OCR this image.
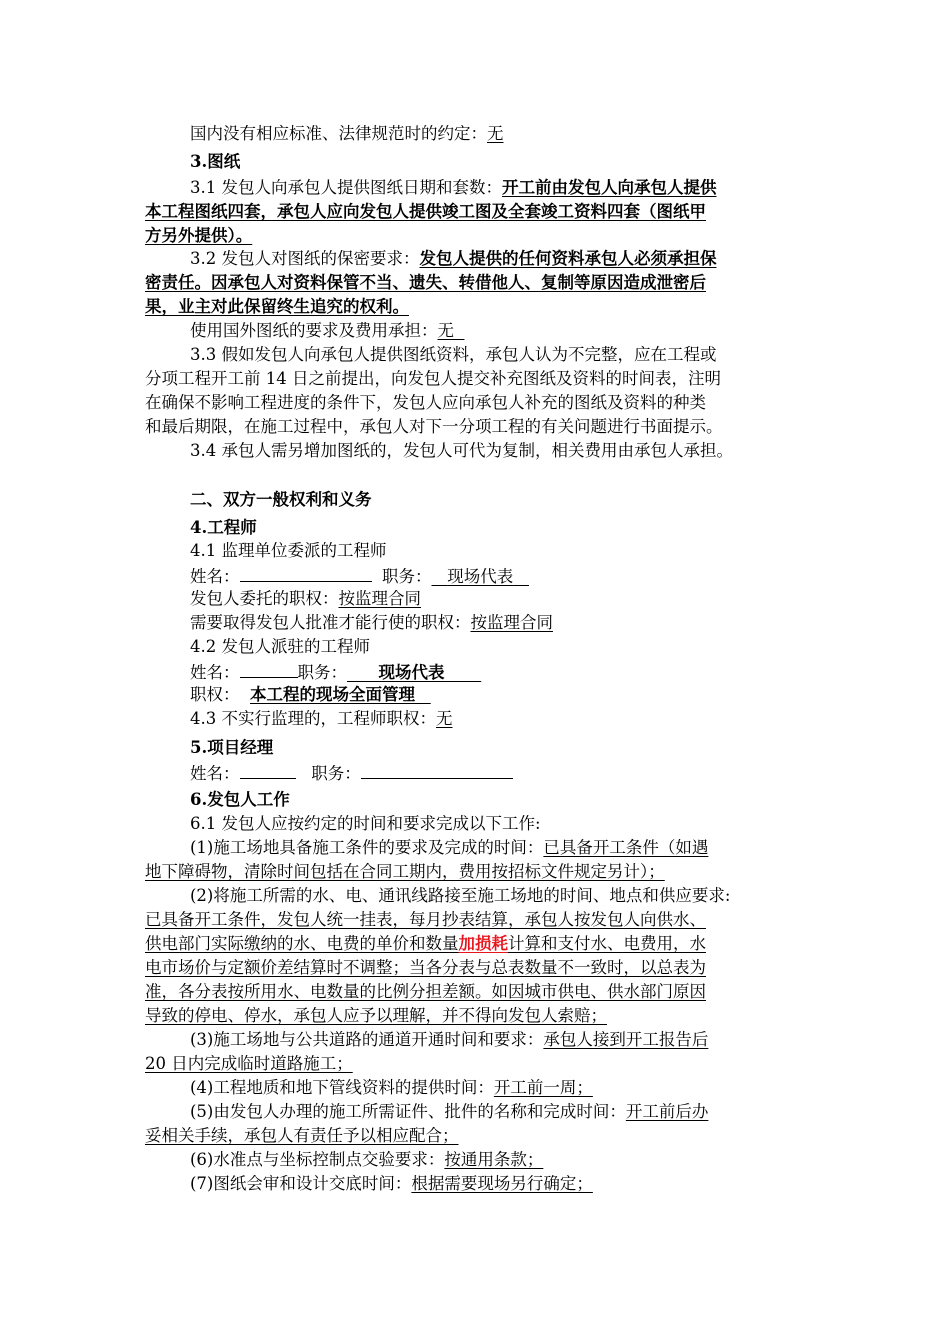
国内没有相应标准、法律规范时的约定：无
3.图纸
3.1 发包人向承包人提供图纸日期和套数：开工前由发包人向承包人提供
本工程图纸四套，承包人应向发包人提供竣工图及全套竣工资料四套（图纸甲
方另外提供）。
3.2 发包人对图纸的保密要求：发包人提供的任何资料承包人必须承担保
密责任。因承包人对资料保管不当、遗失、转借他人、复制等原因造成泄密后
果，业主对此保留终生追究的权利。
使用国外图纸的要求及费用承担：无
3.3 假如发包人向承包人提供图纸资料，承包人认为不完整，应在工程或
分项工程开工前 14 日之前提出，向发包人提交补充图纸及资料的时间表，注明
在确保不影响工程进度的条件下，发包人应向承包人补充的图纸及资料的种类
和最后期限，在施工过程中，承包人对下一分项工程的有关问题进行书面提示。
3.4 承包人需另增加图纸的，发包人可代为复制，相关费用由承包人承担。
二、双方一般权利和义务
4.工程师
4.1 监理单位委派的工程师
姓名：	职务： 现场代表
发包人委托的职权：按监理合同
需要取得发包人批准才能行使的职权：按监理合同
4.2 发包人派驻的工程师
姓名：	职务： 现场代表
职权： 本工程的现场全面管理
4.3 不实行监理的，工程师职权：无
5.项目经理
姓名：	职务：
6.发包人工作
6.1 发包人应按约定的时间和要求完成以下工作:
(1)施工场地具备施工条件的要求及完成的时间：已具备开工条件（如遇
地下障碍物，清除时间包括在合同工期内，费用按招标文件规定另计）；
(2)将施工所需的水、电、通讯线路接至施工场地的时间、地点和供应要求:
已具备开工条件，发包人统一挂表，每月抄表结算，承包人按发包人向供水、
供电部门实际缴纳的水、电费的单价和数量加损耗计算和支付水、电费用，水
电市场价与定额价差结算时不调整；当各分表与总表数量不一致时，以总表为
准，各分表按所用水、电数量的比例分担差额。如因城市供电、供水部门原因
导致的停电、停水，承包人应予以理解，并不得向发包人索赔；
(3)施工场地与公共道路的通道开通时间和要求：承包人接到开工报告后
20 日内完成临时道路施工；
(4)工程地质和地下管线资料的提供时间：开工前一周；
(5)由发包人办理的施工所需证件、批件的名称和完成时间：开工前后办
妥相关手续，承包人有责任予以相应配合；
(6)水准点与坐标控制点交验要求：按通用条款；
(7)图纸会审和设计交底时间：根据需要现场另行确定；
